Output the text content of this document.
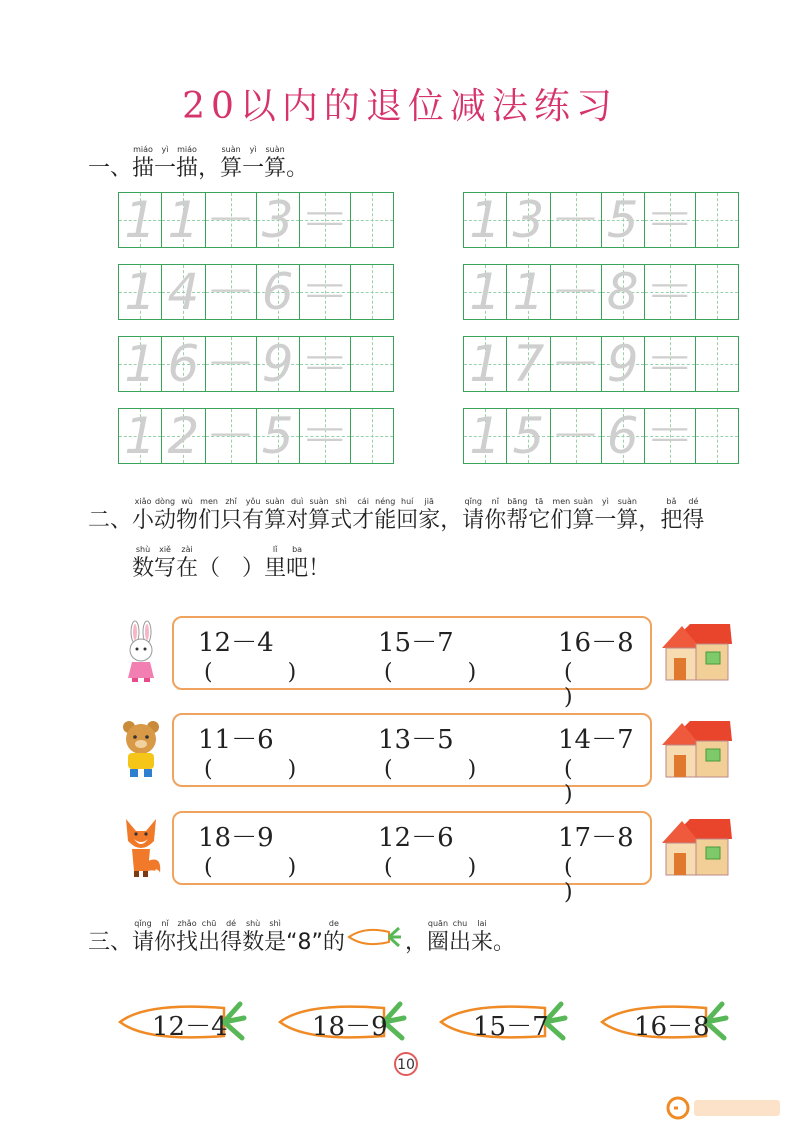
20以内的退位减法练习
一、
miáo
描
yì
一
miáo
描 ，
suàn
算
yì
一
suàn
算 。
1 1 － 3 ＝ 1 3 － 5 ＝
1 4 － 6 ＝ 1 1 － 8 ＝
1 6 － 9 ＝ 1 7 － 9 ＝
1 2 － 5 ＝ 1 5 － 6 ＝
二、
xiǎo
小
dòng
动
wù
物
men
们
zhǐ
只
yǒu
有
suàn
算
duì
对
suàn
算
shì
式
cái
才
néng
能
huí
回
jiā
家 ，
qǐng
请
nǐ
你
bāng
帮
tā
它
men
们
suàn
算
yì
一
suàn
算 ，
bǎ
把
dé
得
shù
数
xiě
写
zài
在 （　）
lǐ
里
ba
吧 ！
12－4
( )
15－7
( )
16－8
( )
11－6
( )
13－5
( )
14－7
( )
18－9
( )
12－6
( )
17－8
( )
三、
qǐng
请
nǐ
你
zhǎo
找
chū
出
dé
得
shù
数
shì
是 “8”
de
的	，
quān
圈
chu
出
lai
来 。
12－4	18－9	15－7	16－8
10
